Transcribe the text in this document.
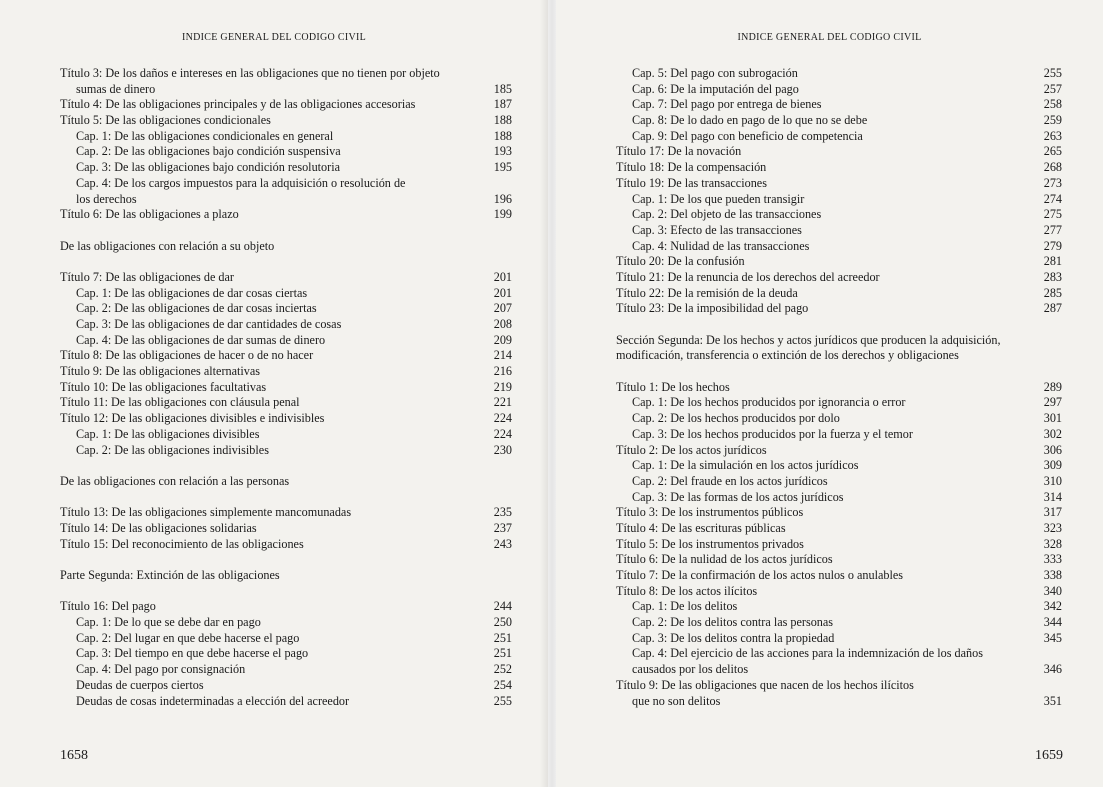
INDICE GENERAL DEL CODIGO CIVIL
Título 3: De los daños e intereses en las obligaciones que no tienen por objeto
sumas de dinero	185
Título 4: De las obligaciones principales y de las obligaciones accesorias	187
Título 5: De las obligaciones condicionales	188
Cap. 1: De las obligaciones condicionales en general	188
Cap. 2: De las obligaciones bajo condición suspensiva	193
Cap. 3: De las obligaciones bajo condición resolutoria	195
Cap. 4: De los cargos impuestos para la adquisición o resolución de
los derechos	196
Título 6: De las obligaciones a plazo	199
De las obligaciones con relación a su objeto
Título 7: De las obligaciones de dar	201
Cap. 1: De las obligaciones de dar cosas ciertas	201
Cap. 2: De las obligaciones de dar cosas inciertas	207
Cap. 3: De las obligaciones de dar cantidades de cosas	208
Cap. 4: De las obligaciones de dar sumas de dinero	209
Título 8: De las obligaciones de hacer o de no hacer	214
Título 9: De las obligaciones alternativas	216
Título 10: De las obligaciones facultativas	219
Título 11: De las obligaciones con cláusula penal	221
Título 12: De las obligaciones divisibles e indivisibles	224
Cap. 1: De las obligaciones divisibles	224
Cap. 2: De las obligaciones indivisibles	230
De las obligaciones con relación a las personas
Título 13: De las obligaciones simplemente mancomunadas	235
Título 14: De las obligaciones solidarias	237
Título 15: Del reconocimiento de las obligaciones	243
Parte Segunda: Extinción de las obligaciones
Título 16: Del pago	244
Cap. 1: De lo que se debe dar en pago	250
Cap. 2: Del lugar en que debe hacerse el pago	251
Cap. 3: Del tiempo en que debe hacerse el pago	251
Cap. 4: Del pago por consignación	252
Deudas de cuerpos ciertos	254
Deudas de cosas indeterminadas a elección del acreedor	255
1658
INDICE GENERAL DEL CODIGO CIVIL
Cap. 5: Del pago con subrogación	255
Cap. 6: De la imputación del pago	257
Cap. 7: Del pago por entrega de bienes	258
Cap. 8: De lo dado en pago de lo que no se debe	259
Cap. 9: Del pago con beneficio de competencia	263
Título 17: De la novación	265
Título 18: De la compensación	268
Título 19: De las transacciones	273
Cap. 1: De los que pueden transigir	274
Cap. 2: Del objeto de las transacciones	275
Cap. 3: Efecto de las transacciones	277
Cap. 4: Nulidad de las transacciones	279
Título 20: De la confusión	281
Título 21: De la renuncia de los derechos del acreedor	283
Título 22: De la remisión de la deuda	285
Título 23: De la imposibilidad del pago	287
Sección Segunda: De los hechos y actos jurídicos que producen la adquisición,
modificación, transferencia o extinción de los derechos y obligaciones
Título 1: De los hechos	289
Cap. 1: De los hechos producidos por ignorancia o error	297
Cap. 2: De los hechos producidos por dolo	301
Cap. 3: De los hechos producidos por la fuerza y el temor	302
Título 2: De los actos jurídicos	306
Cap. 1: De la simulación en los actos jurídicos	309
Cap. 2: Del fraude en los actos jurídicos	310
Cap. 3: De las formas de los actos jurídicos	314
Título 3: De los instrumentos públicos	317
Título 4: De las escrituras públicas	323
Título 5: De los instrumentos privados	328
Título 6: De la nulidad de los actos jurídicos	333
Título 7: De la confirmación de los actos nulos o anulables	338
Título 8: De los actos ilícitos	340
Cap. 1: De los delitos	342
Cap. 2: De los delitos contra las personas	344
Cap. 3: De los delitos contra la propiedad	345
Cap. 4: Del ejercicio de las acciones para la indemnización de los daños
causados por los delitos	346
Título 9: De las obligaciones que nacen de los hechos ilícitos
que no son delitos	351
1659
